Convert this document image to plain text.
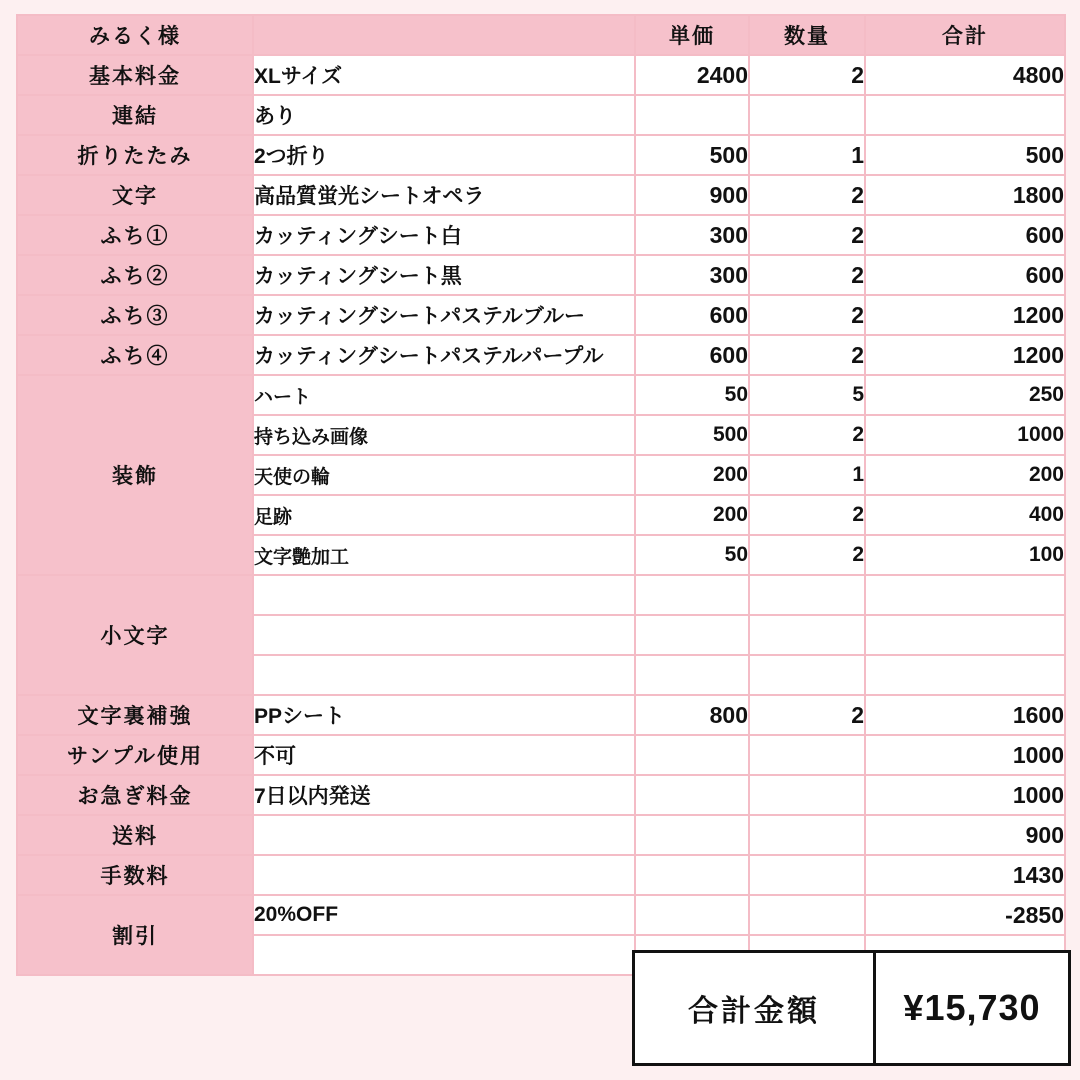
みるく様		単価	数量	合計
基本料金	XLサイズ	2400	2	4800
連結	あり			
折りたたみ	2つ折り	500	1	500
文字	高品質蛍光シートオペラ	900	2	1800
ふち①	カッティングシート白	300	2	600
ふち②	カッティングシート黒	300	2	600
ふち③	カッティングシートパステルブルー	600	2	1200
ふち④	カッティングシートパステルパープル	600	2	1200
装飾	ハート	50	5	250
	持ち込み画像	500	2	1000
	天使の輪	200	1	200
	足跡	200	2	400
	文字艶加工	50	2	100
小文字				

文字裏補強	PPシート	800	2	1600
サンプル使用	不可			1000
お急ぎ料金	7日以内発送			1000
送料				900
手数料				1430
割引	20%OFF			-2850

合計金額	¥15,730
